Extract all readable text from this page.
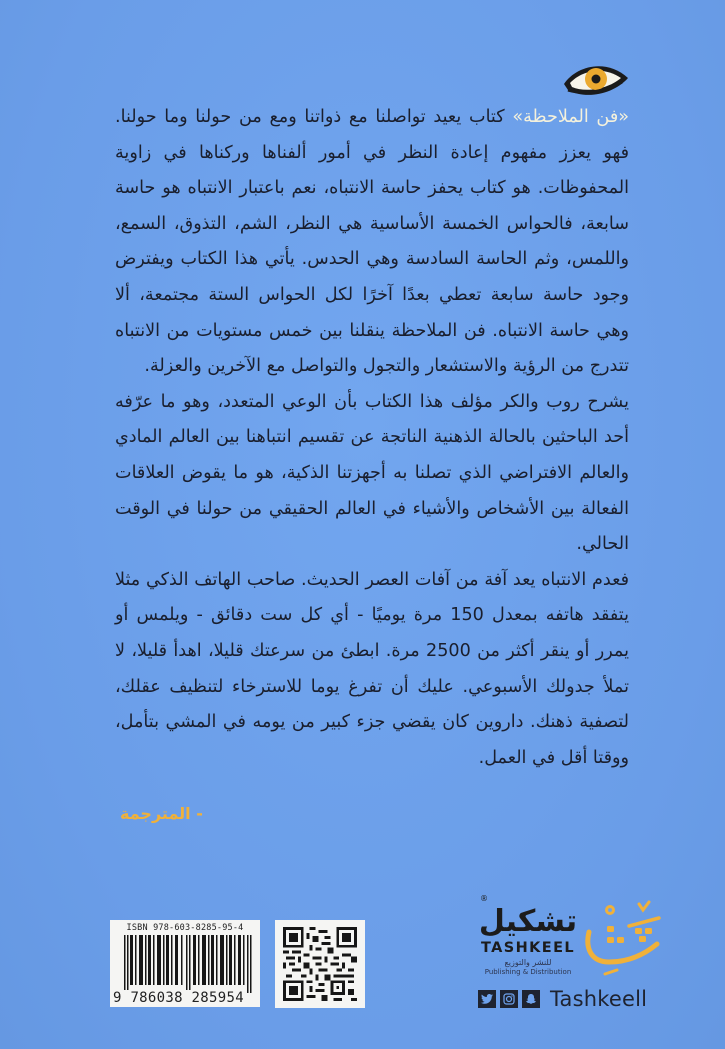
«فن الملاحظة» كتاب يعيد تواصلنا مع ذواتنا ومع من حولنا وما حولنا. فهو يعزز مفهوم إعادة النظر في أمور ألفناها وركناها في زاوية المحفوظات. هو كتاب يحفز حاسة الانتباه، نعم باعتبار الانتباه هو حاسة سابعة، فالحواس الخمسة الأساسية هي النظر، الشم، التذوق، السمع، واللمس، وثم الحاسة السادسة وهي الحدس. يأتي هذا الكتاب ويفترض وجود حاسة سابعة تعطي بعدًا آخرًا لكل الحواس الستة مجتمعة، ألا وهي حاسة الانتباه. فن الملاحظة ينقلنا بين خمس مستويات من الانتباه تتدرج من الرؤية والاستشعار والتجول والتواصل مع الآخرين والعزلة.

يشرح روب والكر مؤلف هذا الكتاب بأن الوعي المتعدد، وهو ما عرّفه أحد الباحثين بالحالة الذهنية الناتجة عن تقسيم انتباهنا بين العالم المادي والعالم الافتراضي الذي تصلنا به أجهزتنا الذكية، هو ما يقوض العلاقات الفعالة بين الأشخاص والأشياء في العالم الحقيقي من حولنا في الوقت الحالي.

فعدم الانتباه يعد آفة من آفات العصر الحديث. صاحب الهاتف الذكي مثلا يتفقد هاتفه بمعدل 150 مرة يوميًا - أي كل ست دقائق - ويلمس أو يمرر أو ينقر أكثر من 2500 مرة. ابطئ من سرعتك قليلا، اهدأ قليلا، لا تملأ جدولك الأسبوعي. عليك أن تفرغ يوما للاسترخاء لتنظيف عقلك، لتصفية ذهنك. داروين كان يقضي جزء كبير من يومه في المشي بتأمل، ووقتا أقل في العمل.

- المترجمة
ISBN 978-603-8285-95-4
9 786038 285954
®
تشكيل
TASHKEEL
للنشر والتوزيع
Publishing & Distribution
Tashkeell
